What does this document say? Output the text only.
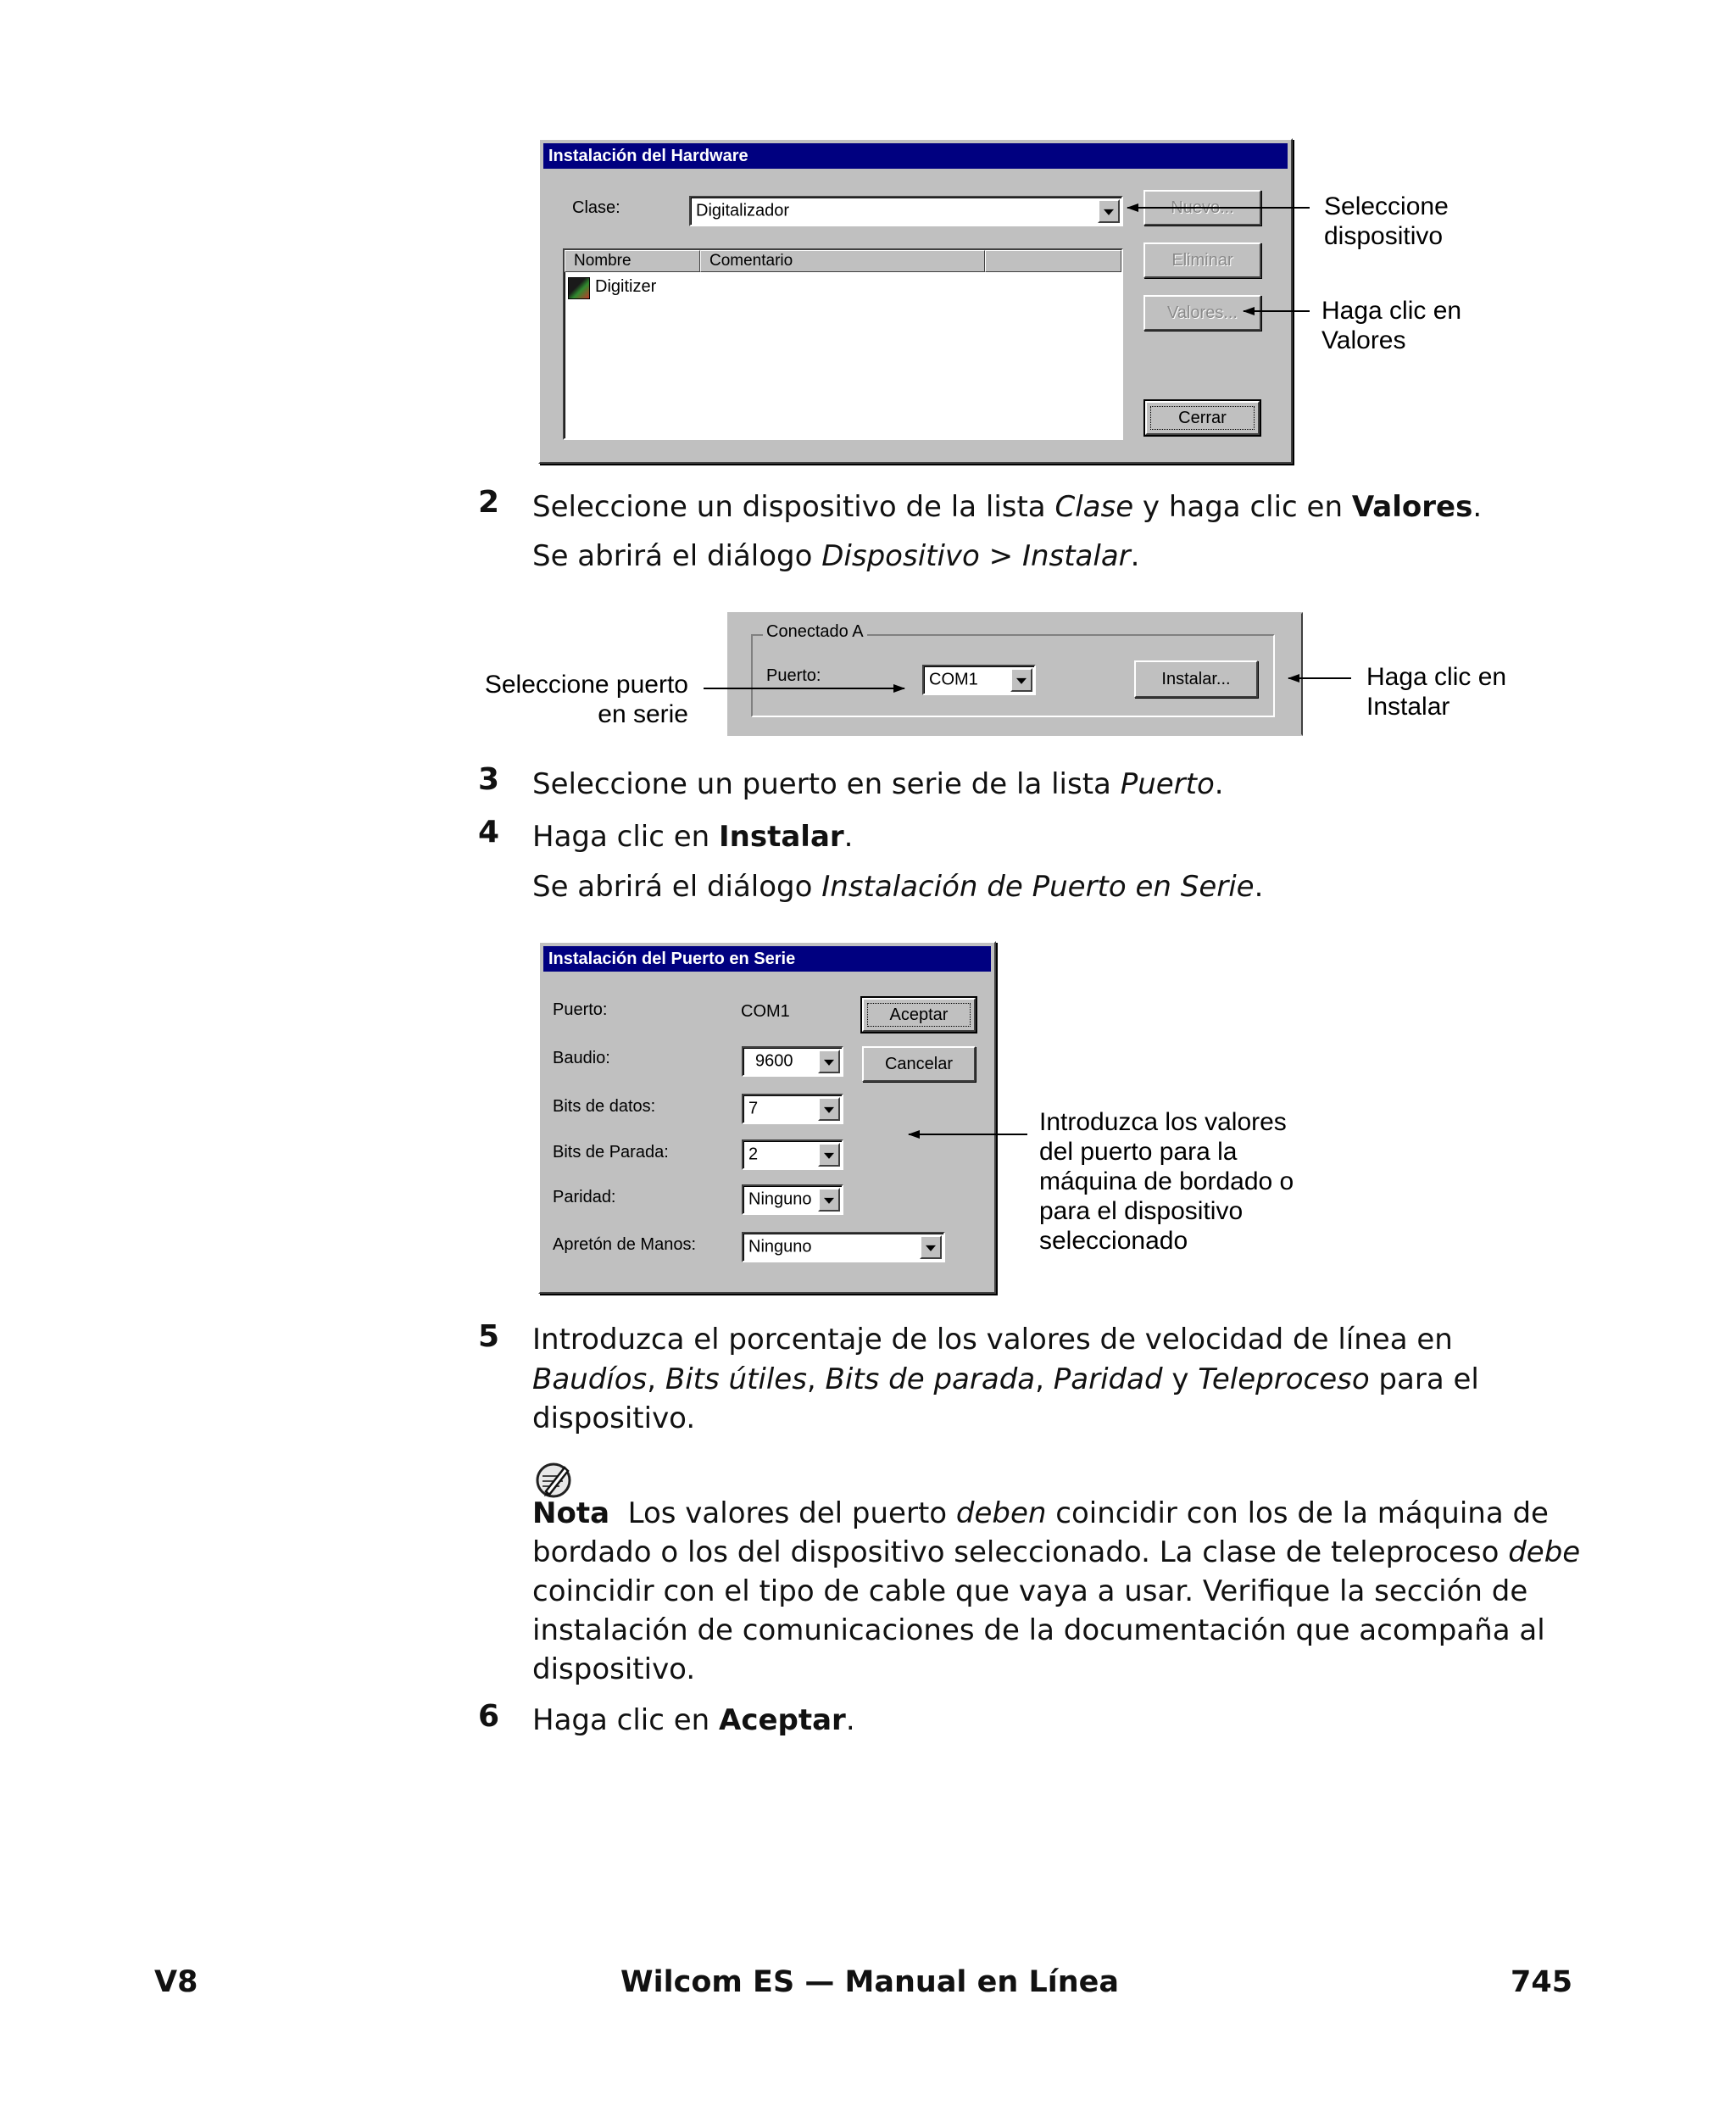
Instalación del Hardware
Clase:	Digitalizador
Nombre	Comentario
Digitizer
Nuevo...
Eliminar
Valores...
Cerrar
Seleccione
dispositivo
Haga clic en
Valores
2 Seleccione un dispositivo de la lista Clase y haga clic en Valores.
Se abrirá el diálogo Dispositivo > Instalar.
Conectado A
Puerto:	COM1	Instalar...
Seleccione puerto
en serie
Haga clic en
Instalar
3 Seleccione un puerto en serie de la lista Puerto.
4 Haga clic en Instalar.
Se abrirá el diálogo Instalación de Puerto en Serie.
Instalación del Puerto en Serie
Puerto:	COM1
Baudio:	9600
Bits de datos:	7
Bits de Parada:	2
Paridad:	Ninguno
Apretón de Manos:	Ninguno
Aceptar
Cancelar
Introduzca los valores
del puerto para la
máquina de bordado o
para el dispositivo
seleccionado
5 Introduzca el porcentaje de los valores de velocidad de línea en
Baudíos, Bits útiles, Bits de parada, Paridad y Teleproceso para el
dispositivo.
Nota  Los valores del puerto deben coincidir con los de la máquina de
bordado o los del dispositivo seleccionado. La clase de teleproceso debe
coincidir con el tipo de cable que vaya a usar. Verifique la sección de
instalación de comunicaciones de la documentación que acompaña al
dispositivo.
6 Haga clic en Aceptar.
V8	Wilcom ES — Manual en Línea	745
